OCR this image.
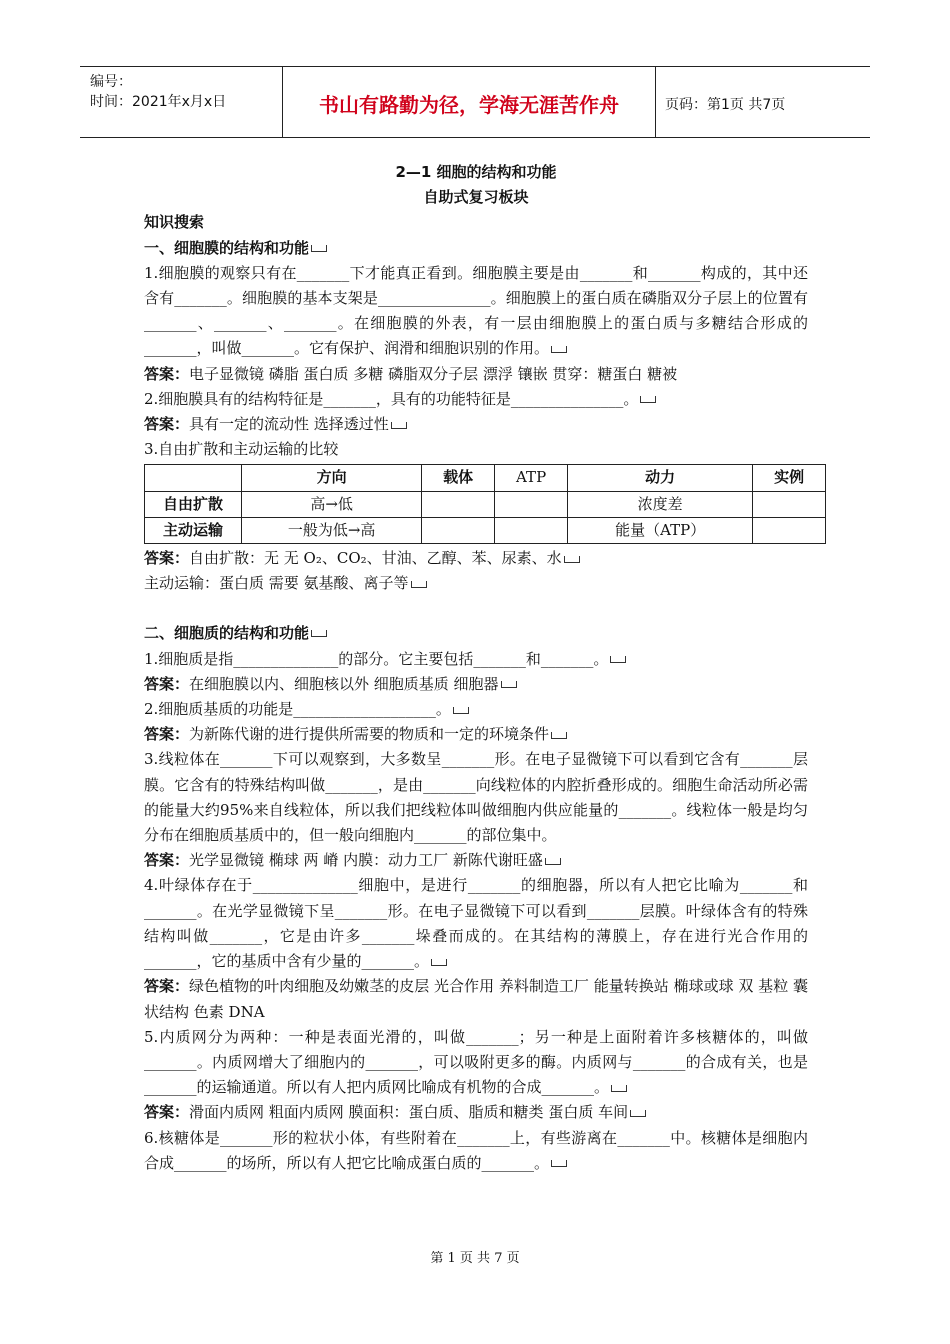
编号：
时间：2021年x月x日	书山有路勤为径，学海无涯苦作舟	页码：第1页 共7页
2—1 细胞的结构和功能
自助式复习板块
知识搜索
一、细胞膜的结构和功能

1.细胞膜的观察只有在_______下才能真正看到。细胞膜主要是由_______和_______构成的，其中还含有_______。细胞膜的基本支架是_______________。细胞膜上的蛋白质在磷脂双分子层上的位置有_______、_______、_______。在细胞膜的外表，有一层由细胞膜上的蛋白质与多糖结合形成的_______，叫做_______。它有保护、润滑和细胞识别的作用。

答案：电子显微镜 磷脂 蛋白质 多糖 磷脂双分子层 漂浮 镶嵌 贯穿：糖蛋白 糖被

2.细胞膜具有的结构特征是_______，具有的功能特征是_______________。

答案：具有一定的流动性 选择透过性

3.自由扩散和主动运输的比较

	方向	载体	ATP	动力	实例
自由扩散	高→低			浓度差	
主动运输	一般为低→高			能量（ATP）	

答案：自由扩散：无 无 O₂、CO₂、甘油、乙醇、苯、尿素、水

主动运输：蛋白质 需要 氨基酸、离子等

二、细胞质的结构和功能

1.细胞质是指______________的部分。它主要包括_______和_______。

答案：在细胞膜以内、细胞核以外 细胞质基质 细胞器

2.细胞质基质的功能是___________________。

答案：为新陈代谢的进行提供所需要的物质和一定的环境条件

3.线粒体在_______下可以观察到，大多数呈_______形。在电子显微镜下可以看到它含有_______层膜。它含有的特殊结构叫做_______，是由_______向线粒体的内腔折叠形成的。细胞生命活动所必需的能量大约95%来自线粒体，所以我们把线粒体叫做细胞内供应能量的_______。线粒体一般是均匀分布在细胞质基质中的，但一般向细胞内_______的部位集中。

答案：光学显微镜 椭球 两 嵴 内膜：动力工厂 新陈代谢旺盛

4.叶绿体存在于______________细胞中，是进行_______的细胞器，所以有人把它比喻为_______和_______。在光学显微镜下呈_______形。在电子显微镜下可以看到_______层膜。叶绿体含有的特殊结构叫做_______，它是由许多_______垛叠而成的。在其结构的薄膜上，存在进行光合作用的_______，它的基质中含有少量的_______。

答案：绿色植物的叶肉细胞及幼嫩茎的皮层 光合作用 养料制造工厂 能量转换站 椭球或球 双 基粒 囊状结构 色素 DNA

5.内质网分为两种：一种是表面光滑的，叫做_______；另一种是上面附着许多核糖体的，叫做_______。内质网增大了细胞内的_______，可以吸附更多的酶。内质网与_______的合成有关，也是_______的运输通道。所以有人把内质网比喻成有机物的合成_______。

答案：滑面内质网 粗面内质网 膜面积：蛋白质、脂质和糖类 蛋白质 车间

6.核糖体是_______形的粒状小体，有些附着在_______上，有些游离在_______中。核糖体是细胞内合成_______的场所，所以有人把它比喻成蛋白质的_______。

第 1 页 共 7 页
